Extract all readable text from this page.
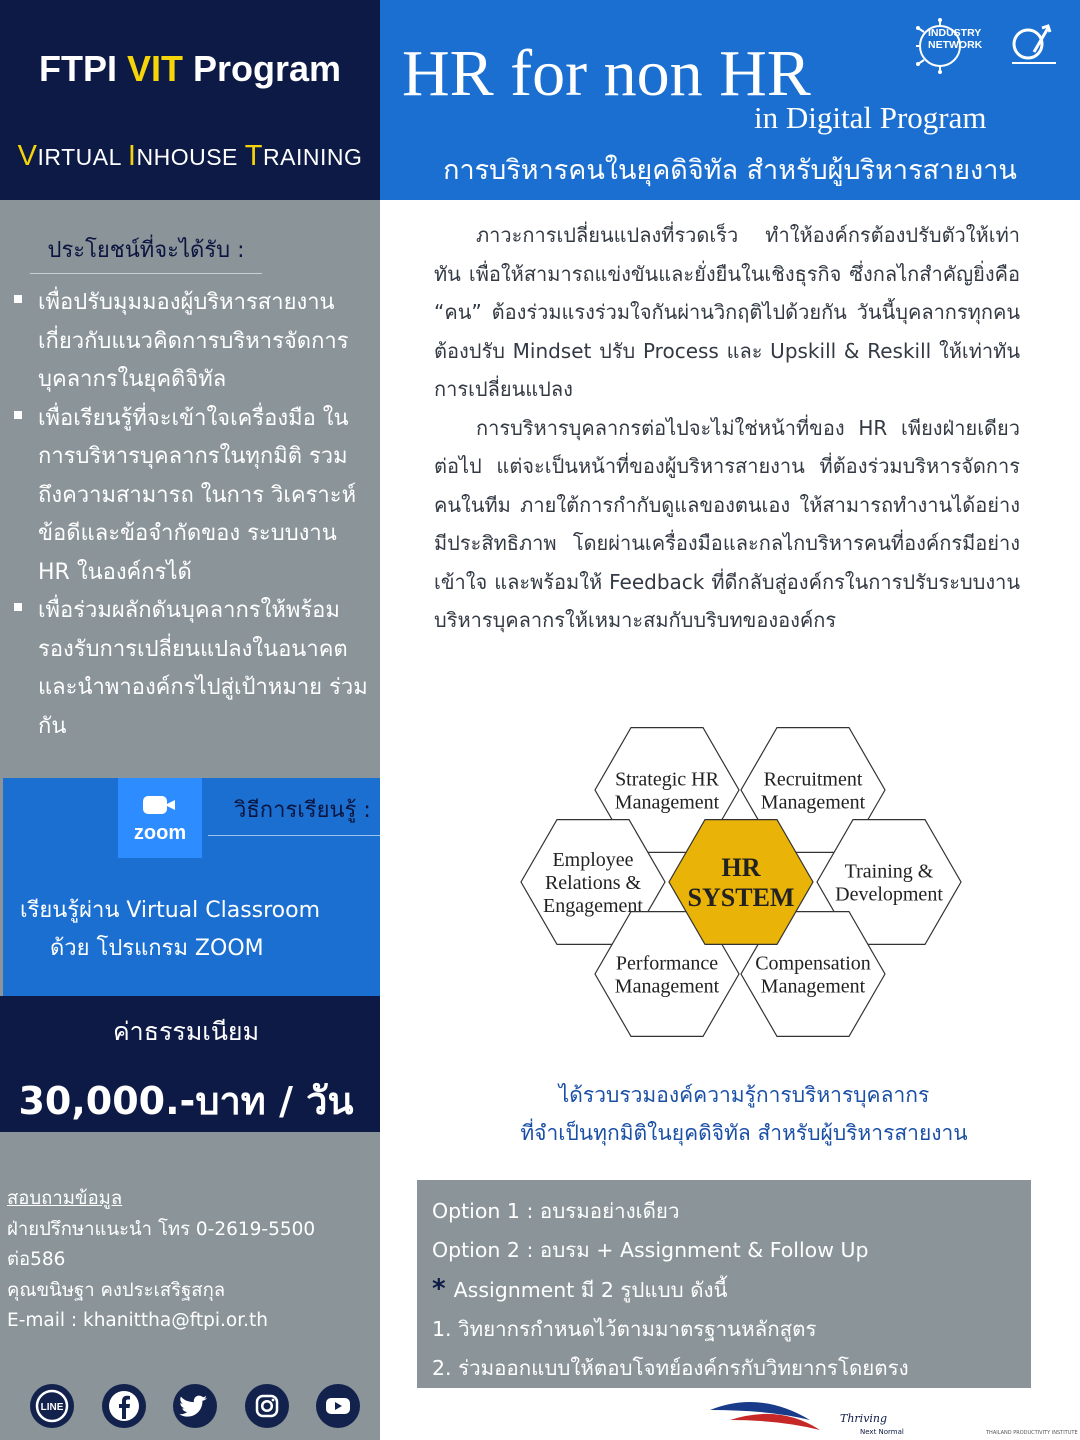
FTPI VIT Program
VIRTUAL INHOUSE TRAINING
ประโยชน์ที่จะได้รับ :
เพื่อปรับมุมมองผู้บริหารสายงาน เกี่ยวกับแนวคิดการบริหารจัดการ บุคลากรในยุคดิจิทัล
เพื่อเรียนรู้ที่จะเข้าใจเครื่องมือ ในการบริหารบุคลากรในทุกมิติ รวมถึงความสามารถ ในการ วิเคราะห์ข้อดีและข้อจำกัดของ ระบบงาน HR ในองค์กรได้
เพื่อร่วมผลักดันบุคลากรให้พร้อม รองรับการเปลี่ยนแปลงในอนาคต และนำพาองค์กรไปสู่เป้าหมาย ร่วมกัน
zoom
วิธีการเรียนรู้ :
เรียนรู้ผ่าน Virtual Classroom
ด้วย โปรแกรม ZOOM
ค่าธรรมเนียม
30,000.-บาท / วัน
สอบถามข้อมูล
ฝ่ายปรึกษาแนะนำ โทร 0-2619-5500 ต่อ586
คุณขนิษฐา คงประเสริฐสกุล
E-mail : khanittha@ftpi.or.th
LINE
HR for non HR
in Digital Program
การบริหารคนในยุคดิจิทัล สำหรับผู้บริหารสายงาน
INDUSTRY
NETWORK

ภาวะการเปลี่ยนแปลงที่รวดเร็ว ทำให้องค์กรต้องปรับตัวให้เท่าทัน เพื่อให้สามารถแข่งขันและยั่งยืนในเชิงธุรกิจ ซึ่งกลไกสำคัญยิ่งคือ “คน” ต้องร่วมแรงร่วมใจกันผ่านวิกฤติไปด้วยกัน วันนี้บุคลากรทุกคนต้องปรับ Mindset ปรับ Process และ Upskill & Reskill ให้เท่าทันการเปลี่ยนแปลง

การบริหารบุคลากรต่อไปจะไม่ใช่หน้าที่ของ HR เพียงฝ่ายเดียวต่อไป แต่จะเป็นหน้าที่ของผู้บริหารสายงาน ที่ต้องร่วมบริหารจัดการคนในทีม ภายใต้การกำกับดูแลของตนเอง ให้สามารถทำงานได้อย่างมีประสิทธิภาพ โดยผ่านเครื่องมือและกลไกบริหารคนที่องค์กรมีอย่างเข้าใจ และพร้อมให้ Feedback ที่ดีกลับสู่องค์กรในการปรับระบบงานบริหารบุคลากรให้เหมาะสมกับบริบทขององค์กร

Strategic HR
Management
Recruitment
Management
Employee
Relations &
Engagement
Training &
Development
Performance
Management
Compensation
Management
HR
SYSTEM
ได้รวบรวมองค์ความรู้การบริหารบุคลากร
ที่จำเป็นทุกมิติในยุคดิจิทัล สำหรับผู้บริหารสายงาน
Option 1 : อบรมอย่างเดียว
Option 2 : อบรม + Assignment & Follow Up
* Assignment มี 2 รูปแบบ ดังนี้
1. วิทยากรกำหนดไว้ตามมาตรฐานหลักสูตร
2. ร่วมออกแบบให้ตอบโจทย์องค์กรกับวิทยากรโดยตรง
Thriving
Next Normal	THAILAND PRODUCTIVITY INSTITUTE
